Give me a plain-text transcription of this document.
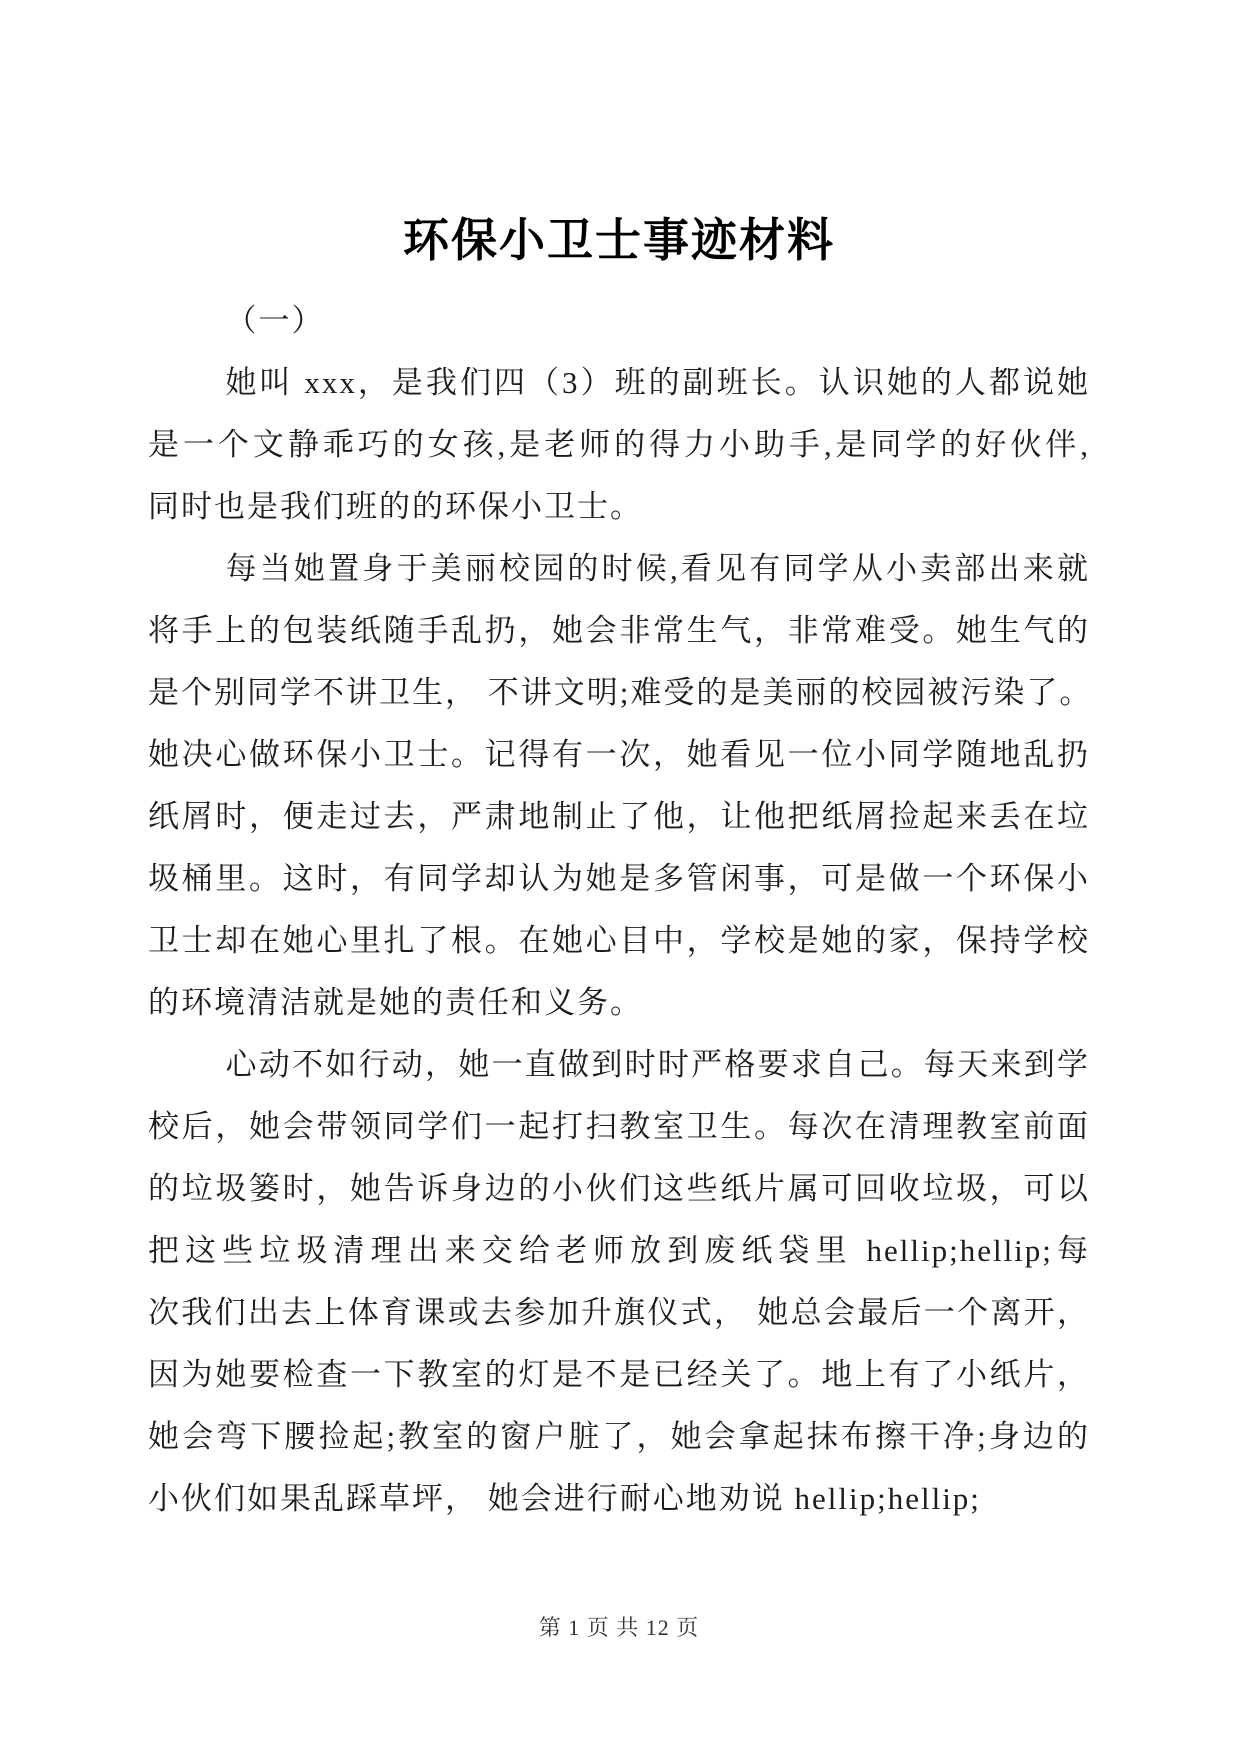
环保小卫士事迹材料
（一）
她叫 xxx，是我们四（3）班的副班长。认识她的人都说她
是一个文静乖巧的女孩,是老师的得力小助手,是同学的好伙伴,
同时也是我们班的的环保小卫士。
每当她置身于美丽校园的时候,看见有同学从小卖部出来就
将手上的包装纸随手乱扔，她会非常生气，非常难受。她生气的
是个别同学不讲卫生， 不讲文明;难受的是美丽的校园被污染了。
她决心做环保小卫士。记得有一次，她看见一位小同学随地乱扔
纸屑时，便走过去，严肃地制止了他，让他把纸屑捡起来丢在垃
圾桶里。这时，有同学却认为她是多管闲事，可是做一个环保小
卫士却在她心里扎了根。在她心目中，学校是她的家，保持学校
的环境清洁就是她的责任和义务。
心动不如行动，她一直做到时时严格要求自己。每天来到学
校后，她会带领同学们一起打扫教室卫生。每次在清理教室前面
的垃圾篓时，她告诉身边的小伙们这些纸片属可回收垃圾，可以
把这些垃圾清理出来交给老师放到废纸袋里 hellip;hellip;每
次我们出去上体育课或去参加升旗仪式， 她总会最后一个离开，
因为她要检查一下教室的灯是不是已经关了。地上有了小纸片，
她会弯下腰捡起;教室的窗户脏了，她会拿起抹布擦干净;身边的
小伙们如果乱踩草坪， 她会进行耐心地劝说 hellip;hellip;
第 1 页 共 12 页
